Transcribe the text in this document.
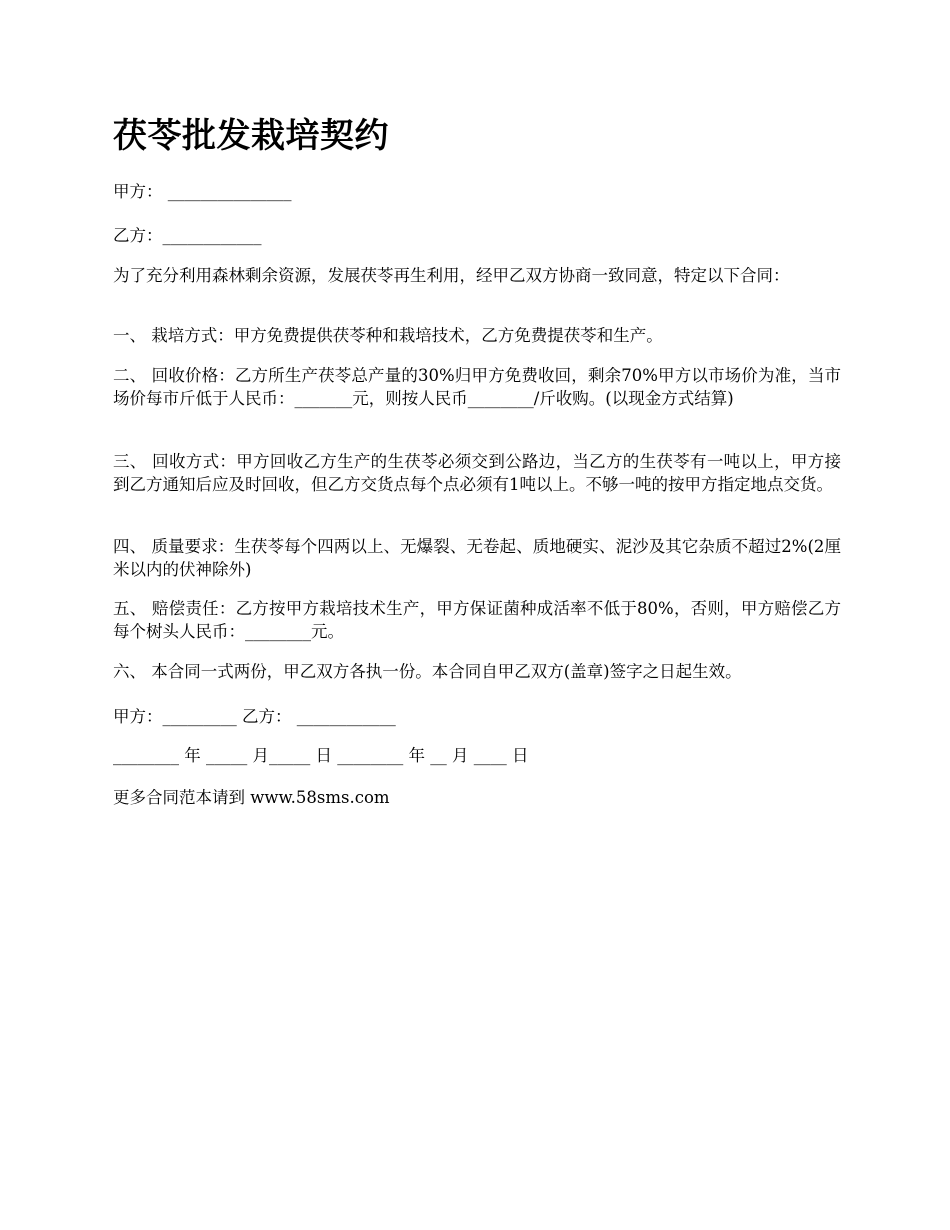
茯苓批发栽培契约

甲方： _______________

乙方：____________

为了充分利用森林剩余资源，发展茯苓再生利用，经甲乙双方协商一致同意，特定以下合同：

一、 栽培方式：甲方免费提供茯苓种和栽培技术，乙方免费提茯苓和生产。

二、 回收价格：乙方所生产茯苓总产量的30%归甲方免费收回，剩余70%甲方以市场价为准，当市场价每市斤低于人民币：_______元，则按人民币________/斤收购。(以现金方式结算)

三、 回收方式：甲方回收乙方生产的生茯苓必须交到公路边，当乙方的生茯苓有一吨以上，甲方接到乙方通知后应及时回收，但乙方交货点每个点必须有1吨以上。不够一吨的按甲方指定地点交货。

四、 质量要求：生茯苓每个四两以上、无爆裂、无卷起、质地硬实、泥沙及其它杂质不超过2%(2厘米以内的伏神除外)

五、 赔偿责任：乙方按甲方栽培技术生产，甲方保证菌种成活率不低于80%，否则，甲方赔偿乙方每个树头人民币：________元。

六、 本合同一式两份，甲乙双方各执一份。本合同自甲乙双方(盖章)签字之日起生效。

甲方：_________ 乙方： ____________

________ 年 _____ 月_____ 日 ________ 年 __ 月 ____ 日

更多合同范本请到 www.58sms.com
